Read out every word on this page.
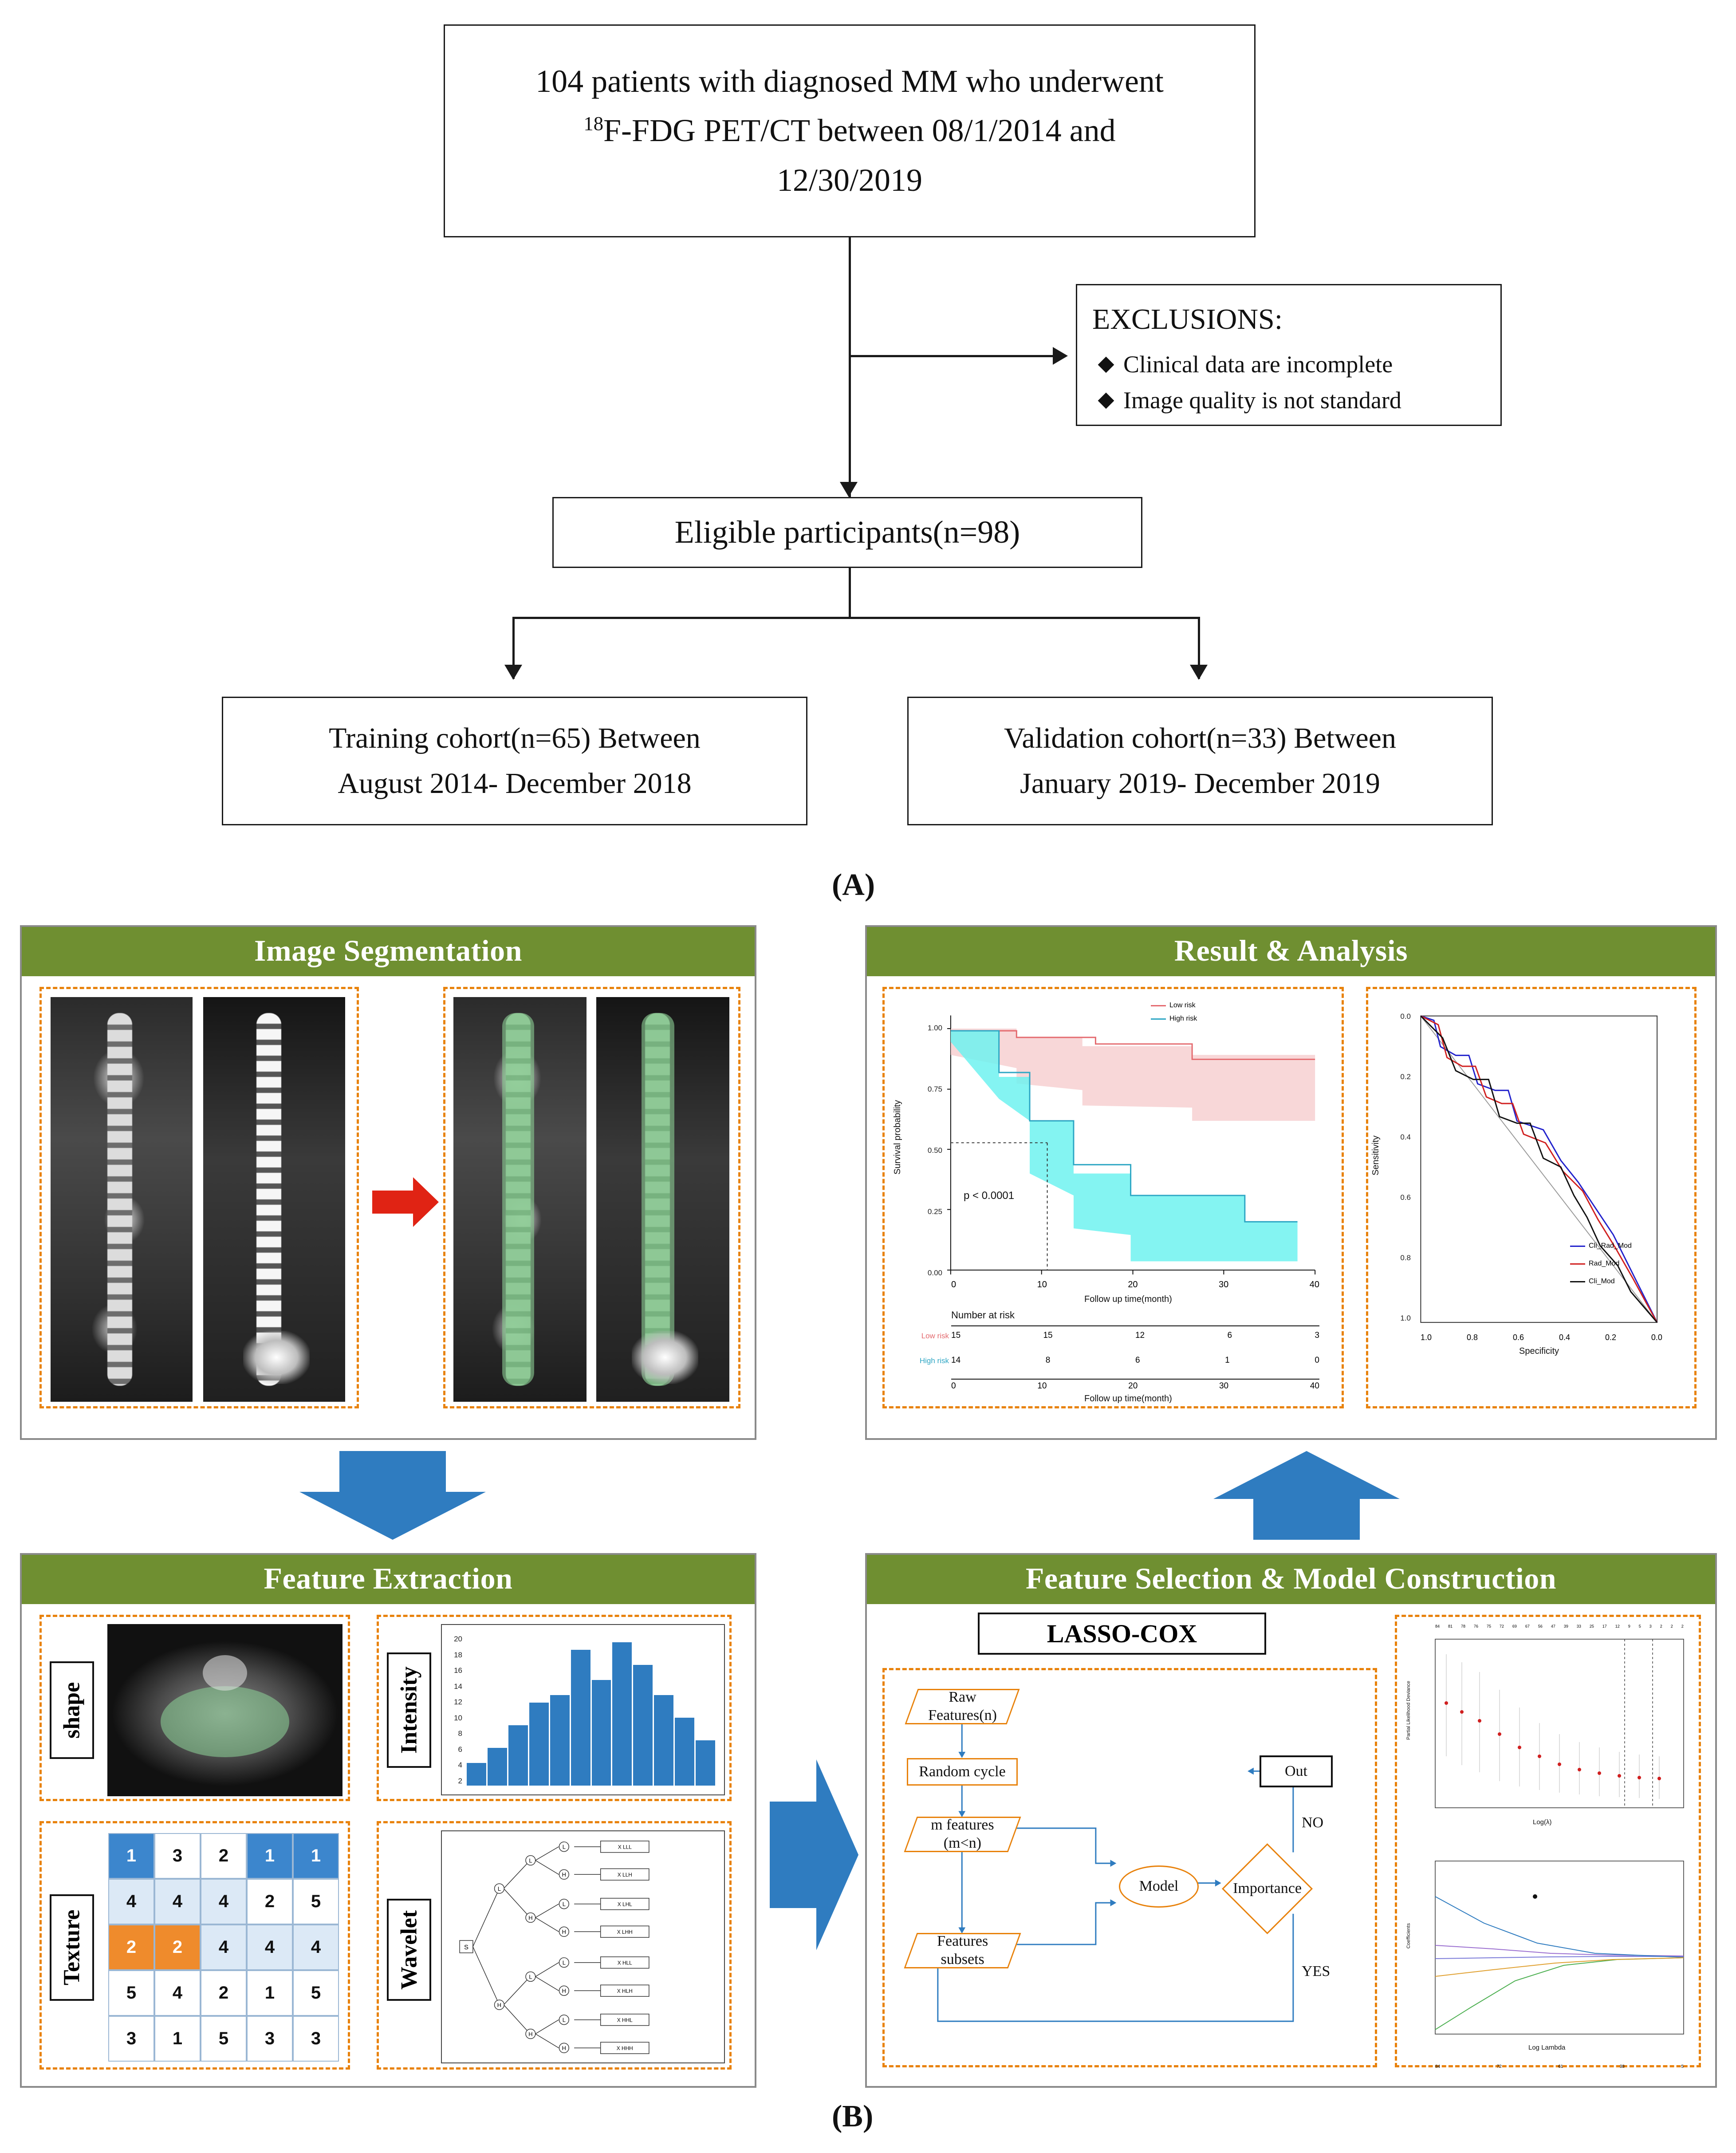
104 patients with diagnosed MM who underwent
$^{18}$F-FDG PET/CT between 08/1/2014 and
12/30/2019
EXCLUSIONS:
Clinical data are incomplete
Image quality is not standard
Eligible participants(n=98)
Training cohort(n=65) Between
August 2014- December 2018
Validation cohort(n=33) Between
January 2019- December 2019
(A)
Image Segmentation	Result & Analysis
0.00
0.25
0.50
0.75
1.00
Survival probability
0	10	20	30	40
Follow up time(month)
p < 0.0001
Low risk
High risk
Number at risk
Low risk
High risk
15	15	12	6	3
14	8	6	1	0
0	10	20	30	40
Follow up time(month)
1.0
0.8
0.6
0.4
0.2
0.0
Sensitivity
1.0	0.8	0.6	0.4	0.2	0.0
Specificity
Cli_Rad_Mod
Rad_Mod
Cli_Mod
Feature Extraction
shape
Texture
1	3	2	1	1
4	4	4	2	5
2	2	4	4	4
5	4	2	1	5
3	1	5	3	3
Intensity
2
4
6
8
10
12
14
16
18
20
Wavelet	S
L
H
L
H
L
H
L
H
L
H
L
H
L
H
X LLL
X LLH
X LHL
X LHH
X HLL
X HLH
X HHL
X HHH
Feature Selection & Model Construction
LASSO-COX
Raw
Features(n)
Random cycle
m features
(m<n)
Features
subsets
Model	Importance
Out
NO
YES
84 81 78 76 75 72 69 67 56 47 39 33 25 17 12 9 5 3 2 2 2
Log(λ)
Partial Likelihood Deviance
84	72	61	38	5
Log Lambda
Coefficients
(B)
